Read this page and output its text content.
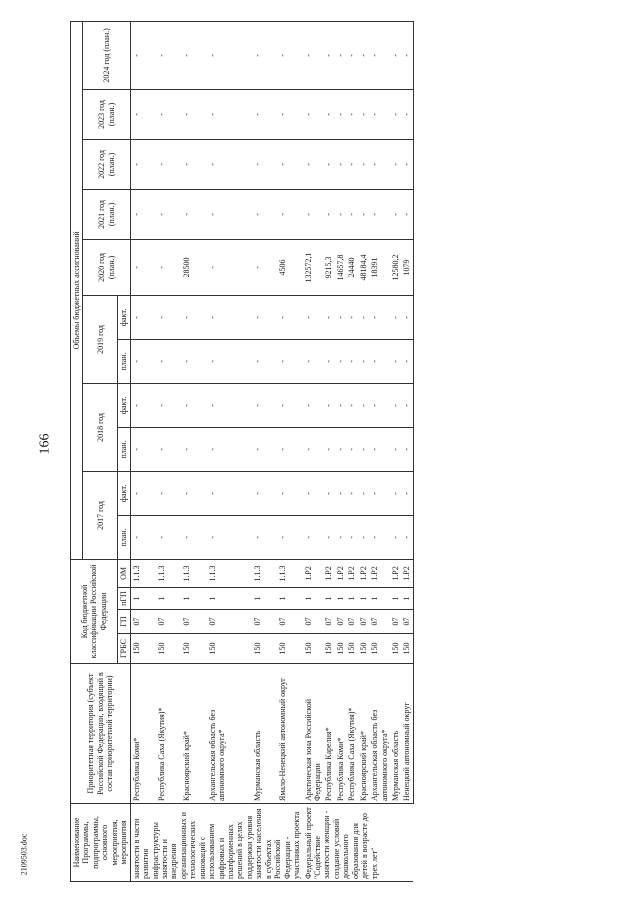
166
2109503.doc	Наименование Программы, подпрограммы, основного мероприятия, мероприятия	Приоритетная территория (субъект Российской Федерации, входящий в состав приоритетной территории)	Код бюджетной классификации Российской Федерации				Объемы бюджетных ассигнований										
						2017 год		2018 год		2019 год		2020 год (план.)	2021 год (план.)	2022 год (план.)	2023 год (план.)	2024 год (план.)
		ГРБС	ГП	пГП	ОМ	план.	факт.	план.	факт.	план.	факт.					
занятости в части развития инфраструктуры занятости и внедрения организационных и технологических инноваций с использованием цифровых и платформенных решений в целях поддержки уровня занятости населения в субъектах Российской Федерации - участниках проекта	Республика Коми*	150	07	1	1.1.3	-	-	-	-	-	-	-	-	-	-	-
	Республика Саха (Якутия)*	150	07	1	1.1.3	-	-	-	-	-	-	-	-	-	-	-
	Красноярский край*	150	07	1	1.1.3	-	-	-	-	-	-	28500	-	-	-	-
	Архангельская область без автономного округа*	150	07	1	1.1.3	-	-	-	-	-	-	-	-	-	-	-
	Мурманская область	150	07	1	1.1.3	-	-	-	-	-	-	-	-	-	-	-
	Ямало-Ненецкий автономный округ	150	07	1	1.1.3	-	-	-	-	-	-	4506	-	-	-	-
Федеральный проект "Содействие занятости женщин - создание условий дошкольного образования для детей в возрасте до трех лет"	Арктическая зона Российской Федерации	150	07	1	1.Р2	-	-	-	-	-	-	132572,1	-	-	-	-
	Республика Карелия*	150	07	1	1.Р2	-	-	-	-	-	-	9215,3	-	-	-	-
	Республика Коми*	150	07	1	1.Р2	-	-	-	-	-	-	14657,8	-	-	-	-
	Республика Саха (Якутия)*	150	07	1	1.Р2	-	-	-	-	-	-	24440	-	-	-	-
	Красноярский край*	150	07	1	1.Р2	-	-	-	-	-	-	48184,4	-	-	-	-
	Архангельская область без автономного округа*	150	07	1	1.Р2	-	-	-	-	-	-	18391	-	-	-	-
	Мурманская область	150	07	1	1.Р2	-	-	-	-	-	-	12580,2	-	-	-	-
	Ненецкий автономный округ	150	07	1	1.Р2	-	-	-	-	-	-	1079	-	-	-	-
